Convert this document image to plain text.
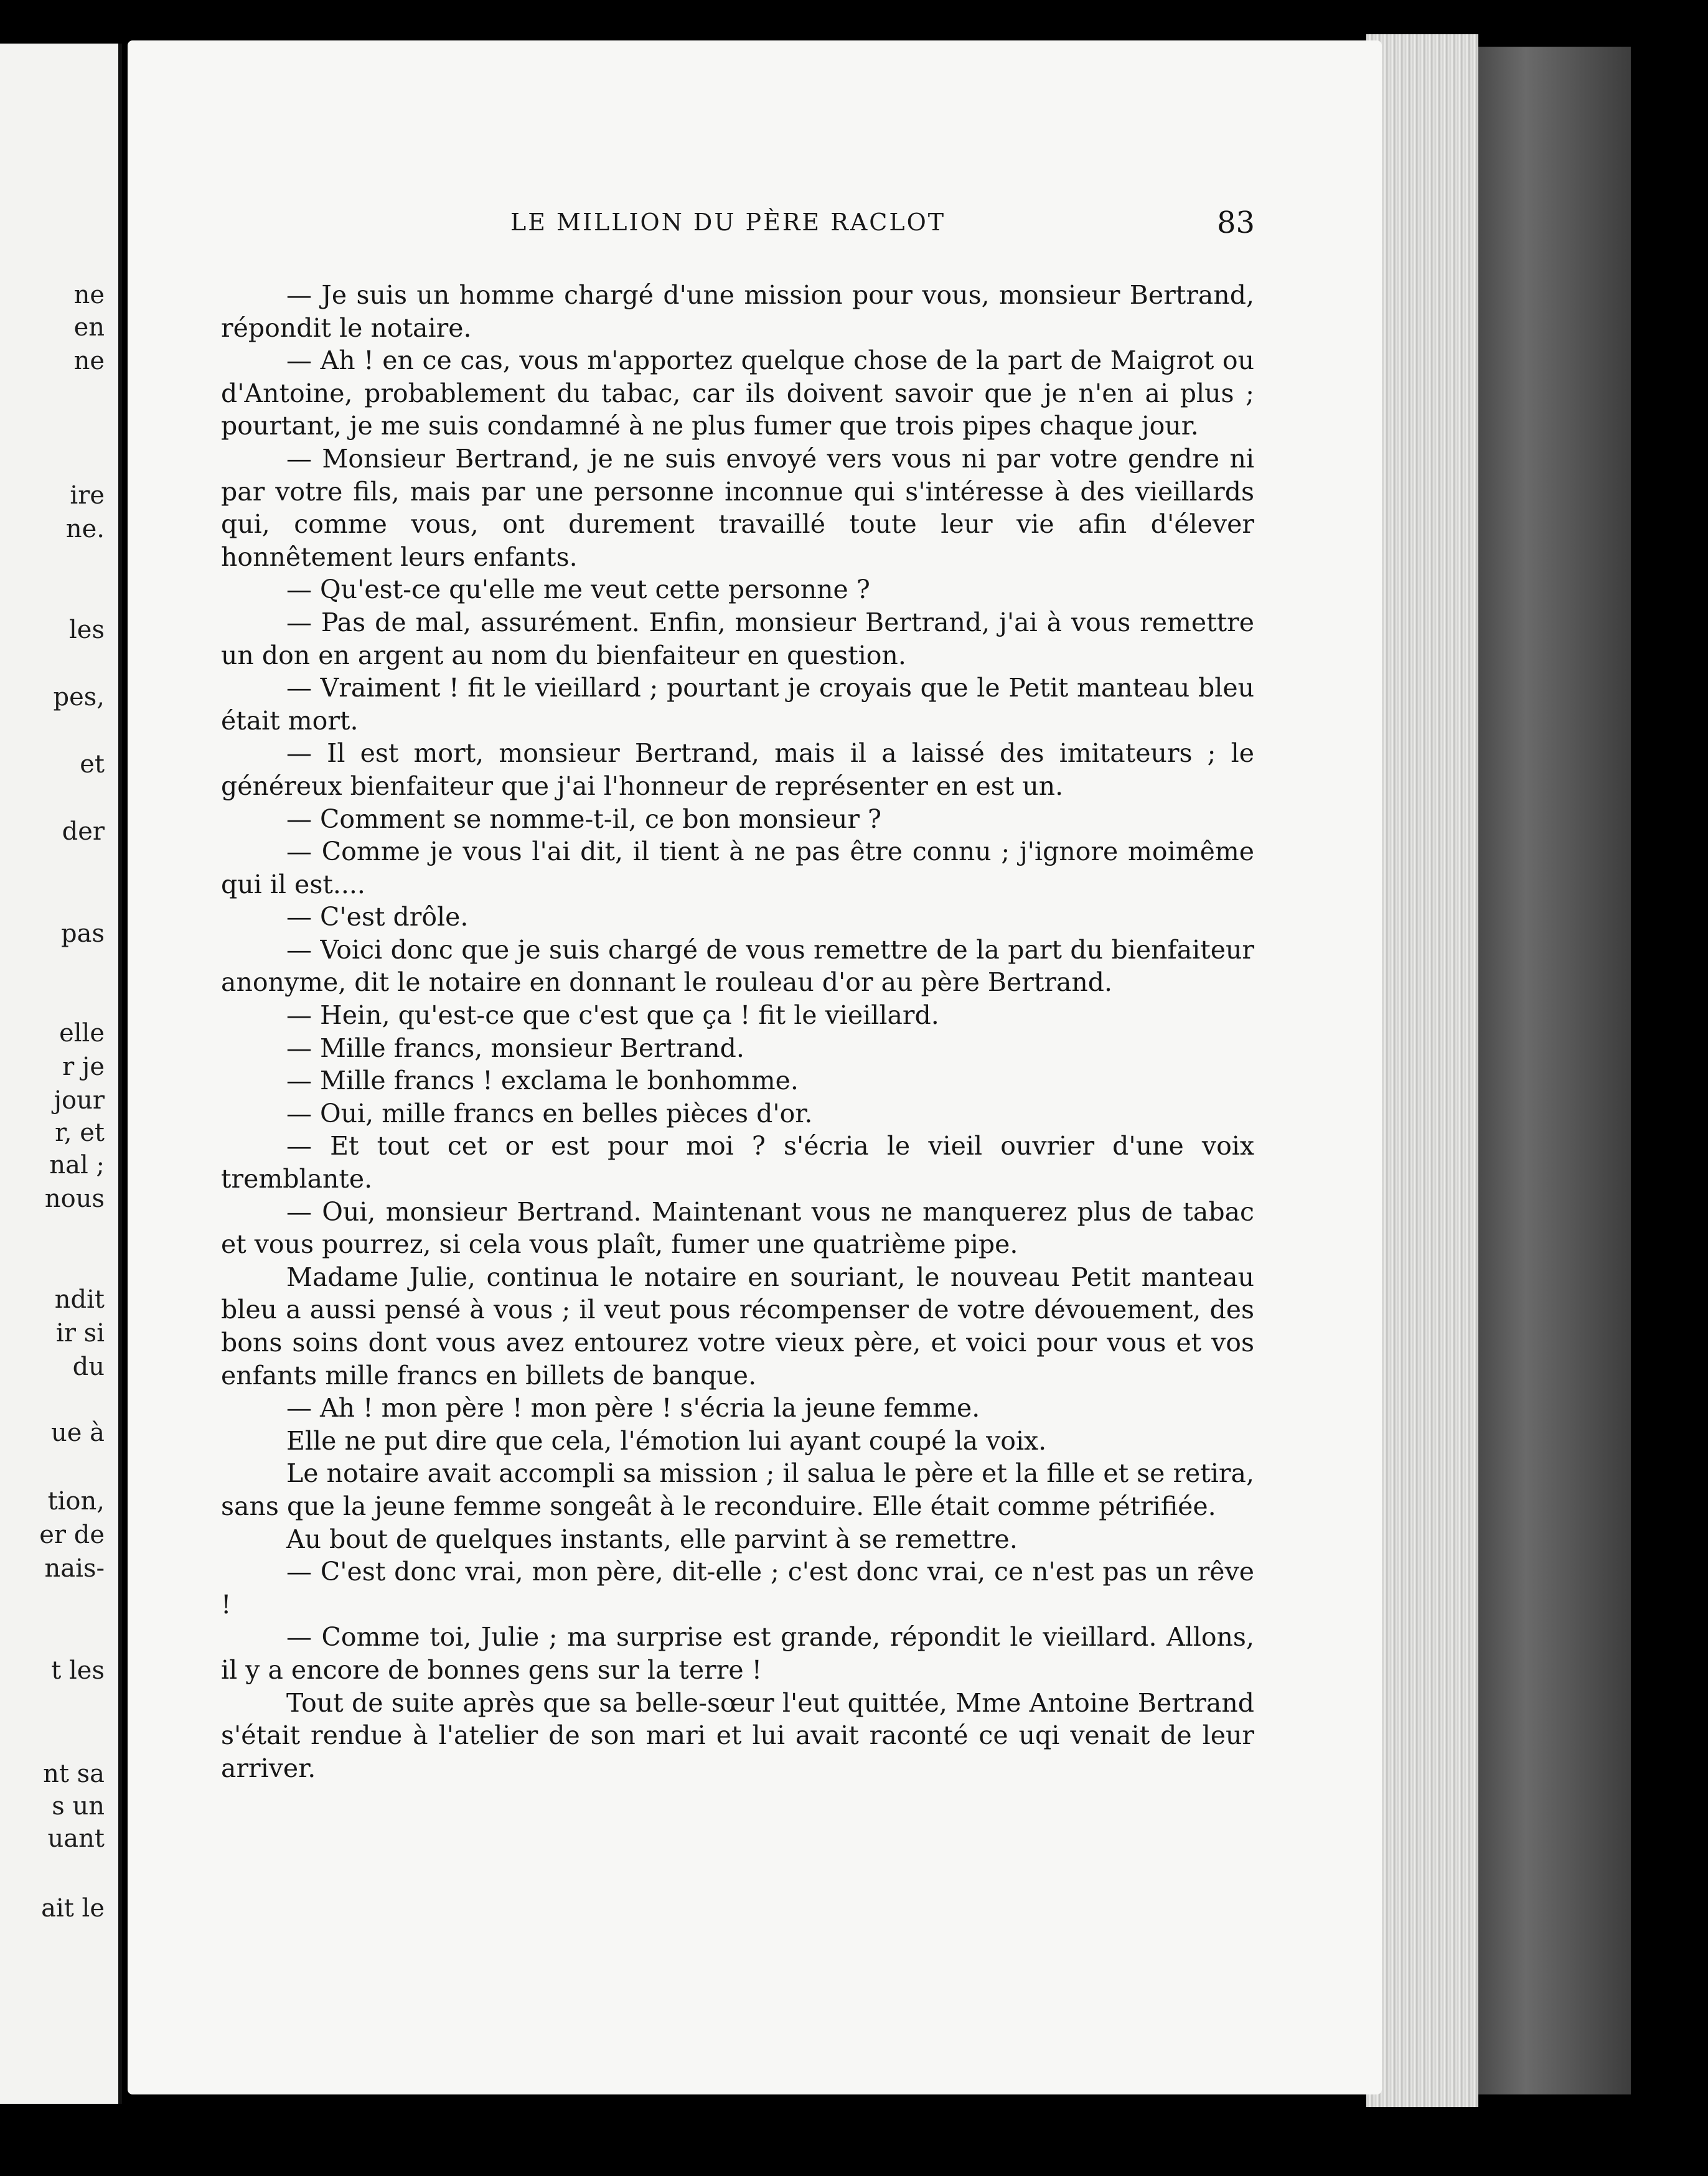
ne
en
ne
ire
ne.
les
pes,
et
der
pas
elle
r je
jour
r, et
nal ;
nous
ndit
ir si
du
ue à
tion,
er de
nais-
t les
nt sa
s un
uant
ait le
LE MILLION DU PÈRE RACLOT	83

— Je suis un homme chargé d'une mission pour vous, monsieur Bertrand, répondit le notaire.

— Ah ! en ce cas, vous m'apportez quelque chose de la part de Maigrot ou d'Antoine, probablement du tabac, car ils doivent savoir que je n'en ai plus ; pourtant, je me suis condamné à ne plus fumer que trois pipes chaque jour.

— Monsieur Bertrand, je ne suis envoyé vers vous ni par votre gendre ni par votre fils, mais par une personne inconnue qui s'intéresse à des vieillards qui, comme vous, ont durement travaillé toute leur vie afin d'élever honnêtement leurs enfants.

— Qu'est-ce qu'elle me veut cette personne ?

— Pas de mal, assurément. Enfin, monsieur Bertrand, j'ai à vous remettre un don en argent au nom du bienfaiteur en question.

— Vraiment ! fit le vieillard ; pourtant je croyais que le Petit manteau bleu était mort.

— Il est mort, monsieur Bertrand, mais il a laissé des imitateurs ; le généreux bienfaiteur que j'ai l'honneur de représenter en est un.

— Comment se nomme-t-il, ce bon monsieur ?

— Comme je vous l'ai dit, il tient à ne pas être connu ; j'ignore moimême qui il est....

— C'est drôle.

— Voici donc que je suis chargé de vous remettre de la part du bienfaiteur anonyme, dit le notaire en donnant le rouleau d'or au père Bertrand.

— Hein, qu'est-ce que c'est que ça ! fit le vieillard.

— Mille francs, monsieur Bertrand.

— Mille francs ! exclama le bonhomme.

— Oui, mille francs en belles pièces d'or.

— Et tout cet or est pour moi ? s'écria le vieil ouvrier d'une voix tremblante.

— Oui, monsieur Bertrand. Maintenant vous ne manquerez plus de tabac et vous pourrez, si cela vous plaît, fumer une quatrième pipe.

Madame Julie, continua le notaire en souriant, le nouveau Petit manteau bleu a aussi pensé à vous ; il veut pous récompenser de votre dévouement, des bons soins dont vous avez entourez votre vieux père, et voici pour vous et vos enfants mille francs en billets de banque.

— Ah ! mon père ! mon père ! s'écria la jeune femme.

Elle ne put dire que cela, l'émotion lui ayant coupé la voix.

Le notaire avait accompli sa mission ; il salua le père et la fille et se retira, sans que la jeune femme songeât à le reconduire. Elle était comme pétrifiée.

Au bout de quelques instants, elle parvint à se remettre.

— C'est donc vrai, mon père, dit-elle ; c'est donc vrai, ce n'est pas un rêve !

— Comme toi, Julie ; ma surprise est grande, répondit le vieillard. Allons, il y a encore de bonnes gens sur la terre !

Tout de suite après que sa belle-sœur l'eut quittée, Mme Antoine Bertrand s'était rendue à l'atelier de son mari et lui avait raconté ce uqi venait de leur arriver.
